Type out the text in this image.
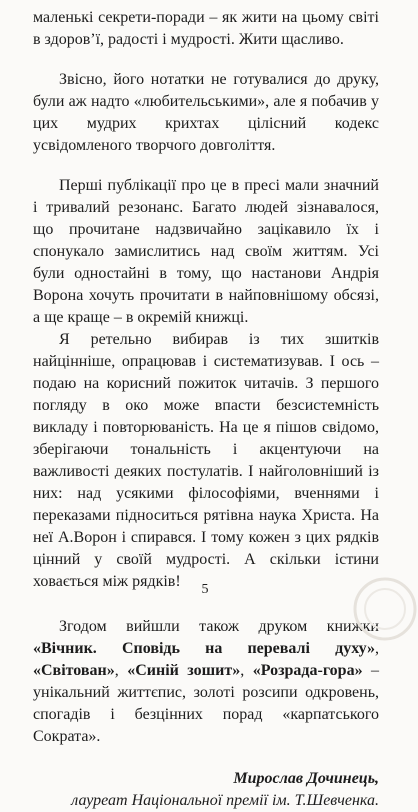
маленькі секрети-поради – як жити на цьому світі в здоров’ї, радості і мудрості. Жити щасливо.

Звісно, його нотатки не готувалися до друку, були аж надто «любительськими», але я побачив у цих мудрих крихтах цілісний кодекс усвідомленого творчого довголіття.

Перші публікації про це в пресі мали значний і тривалий резонанс. Багато людей зізнавалося, що прочитане надзвичайно зацікавило їх і спонукало замислитись над своїм життям. Усі були одностайні в тому, що настанови Андрія Ворона хочуть прочитати в найповнішому обсязі, а ще краще – в окремій книжці.

Я ретельно вибирав із тих зшитків найцінніше, опрацював і систематизував. І ось – подаю на корисний пожиток читачів. З першого погляду в око може впасти безсистемність викладу і повторюваність. На це я пішов свідомо, зберігаючи тональність і акцентуючи на важливості деяких постулатів. І найголовніший із них: над усякими філософіями, вченнями і переказами підноситься рятівна наука Христа. На неї А.Ворон і спирався. І тому кожен з цих рядків цінний у своїй мудрості. А скільки істини ховається між рядків!

Згодом вийшли також друком книжки «Вічник. Сповідь на перевалі духу», «Світован», «Синій зошит», «Розрада-гора» – унікальний життєпис, золоті розсипи одкровень, спогадів і безцінних порад «карпатського Сократа».

Мирослав Дочинець,
лауреат Національної премії ім. Т.Шевченка.
5
